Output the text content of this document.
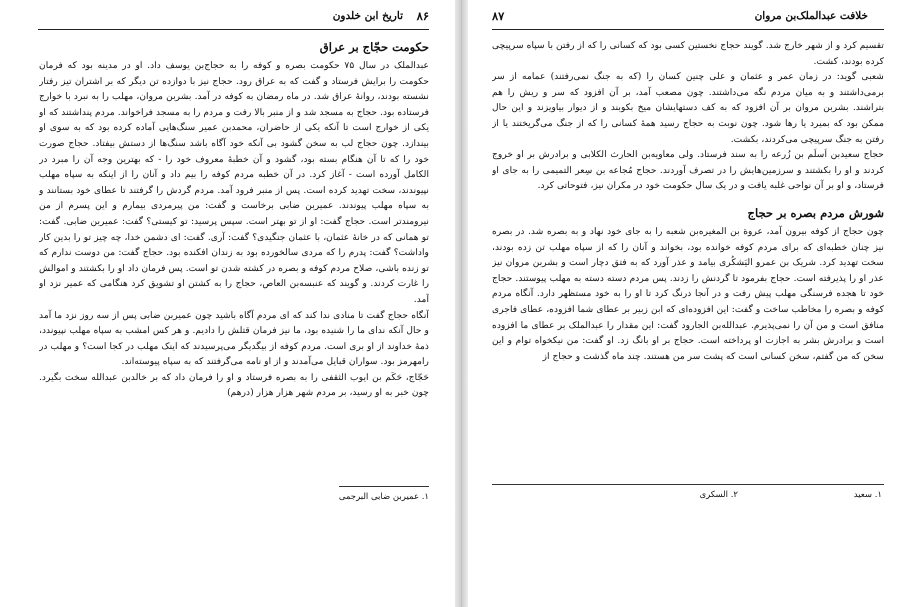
۸۶
تاریخ ابن خلدون
حکومت حجّاج بر عراق

عبدالملک در سال ۷۵ حکومت بصره و کوفه را به حجاج‌بن یوسف داد. او در مدینه بود که فرمان حکومت را برایش فرستاد و گفت که به عراق رود. حجاج نیز با دوازده تن دیگر که بر اشتران تیز رفتار نشسته بودند، روانهٔ عراق شد. در ماه رمضان به کوفه در آمد. بشربن مروان، مهلب را به نبرد با خوارج فرستاده بود. حجاج به مسجد شد و از منبر بالا رفت و مردم را به مسجد فراخواند. مردم پنداشتند که او یکی از خوارج است تا آنکه یکی از حاضران، محمدبن عمیر سنگ‌هایی آماده کرده بود که به سوی او بیندازد. چون حجاج لب به سخن گشود بی آنکه خود آگاه باشد سنگ‌ها از دستش بیفتاد. حجاج صورت خود را که تا آن هنگام بسته بود، گشود و آن خطبهٔ معروف خود را - که بهترین وجه آن را مبرد در الکامل آورده است - آغاز کرد. در آن خطبه مردم کوفه را بیم داد و آنان را از اینکه به سپاه مهلب نپیوندند، سخت تهدید کرده است. پس از منبر فرود آمد. مردم گردش را گرفتند تا عطای خود بستانند و به سپاه مهلب پیوندند. عمیربن ضابی برخاست و گفت: من پیرمردی بیمارم و این پسرم از من نیرومندتر است. حجاج گفت: او از تو بهتر است. سپس پرسید: تو کیستی؟ گفت: عمیربن ضابی. گفت: تو همانی که در خانهٔ عثمان، با عثمان جنگیدی؟ گفت: آری. گفت: ای دشمن خدا، چه چیز تو را بدین کار واداشت؟ گفت: پدرم را که مردی سالخورده بود به زندان افکنده بود. حجاج گفت: من دوست ندارم که تو زنده باشی، صلاح مردم کوفه و بصره در کشته شدن تو است. پس فرمان داد او را بکشتند و اموالش را غارت کردند. و گویند که عنبسه‌بن العاص، حجاج را به کشتن او تشویق کرد هنگامی که عمیر نزد او آمد.

آنگاه حجاج گفت تا منادی ندا کند که ای مردم آگاه باشید چون عمیربن ضابی پس از سه روز نزد ما آمد و حال آنکه ندای ما را شنیده بود، ما نیز فرمان قتلش را دادیم. و هر کس امشب به سپاه مهلب نپیوندد، ذمهٔ خداوند از او بری است. مردم کوفه از بیگدیگر می‌پرسیدند که اینک مهلب در کجا است؟ و مهلب در رامهرمز بود. سواران قبایل می‌آمدند و از او نامه می‌گرفتند که به سپاه پیوسته‌اند.

حَجّاج، حَکَم بن ایوب الثقفی را به بصره فرستاد و او را فرمان داد که بر خالدبن عبدالله سخت بگیرد. چون خبر به او رسید، بر مردم شهر هزار هزار (درهم)

۱. عمیربن ضابی البرجمی
خلافت عبدالملک‌بن مروان
۸۷

تقسیم کرد و از شهر خارج شد. گویند حجاج نخستین کسی بود که کسانی را که از رفتن با سپاه سرپیچی کرده بودند، کشت.

شعبی گوید: در زمان عمر و عثمان و علی چنین کسان را (که به جنگ نمی‌رفتند) عمامه از سر برمی‌داشتند و به میان مردم نگه می‌داشتند. چون مصعب آمد، بر آن افزود که سر و ریش را هم بتراشند. بشربن مروان بر آن افزود که به کف دستهایشان میخ بکوبند و از دیوار بیاویزند و این حال ممکن بود که بمیرد یا رها شود. چون نوبت به حجاج رسید همهٔ کسانی را که از جنگ می‌گریختند یا از رفتن به جنگ سرپیچی می‌کردند، بکشت.

حجاج سعیدبن اَسلَم بن زُرعه را به سند فرستاد. ولی معاویه‌بن الحارث الکلابی و برادرش بر او خروج کردند و او را بکشتند و سرزمین‌هایش را در تصرف آوردند. حجاج مُجاعه بن سِعر التمیمی را به جای او فرستاد، و او بر آن نواحی غلبه یافت و در یک سال حکومت خود در مکران نیز، فتوحاتی کرد.

شورش مردم بصره بر حجاج

چون حجاج از کوفه بیرون آمد، عروة بن المغیره‌بن شعبه را به جای خود نهاد و به بصره شد. در بصره نیز چنان خطبه‌ای که برای مردم کوفه خوانده بود، بخواند و آنان را که از سپاه مهلب تن زده بودند، سخت تهدید کرد. شریک بن عمرو الیَشکُری بیامد و عذر آورد که به فتق دچار است و بشربن مروان نیز عذر او را پذیرفته است. حجاج بفرمود تا گردنش را زدند. پس مردم دسته دسته به مهلب پیوستند. حجاج خود تا هجده فرسنگی مهلب پیش رفت و در آنجا درنگ کرد تا او را به خود مستظهر دارد. آنگاه مردم کوفه و بصره را مخاطب ساخت و گفت: این افزوده‌ای که ابن زبیر بر عطای شما افزوده، عطای فاجری منافق است و من آن را نمی‌پذیرم. عبدالله‌بن الجارود گفت: این مقدار را عبدالملک بر عطای ما افزوده است و برادرش بشر به اجازت او پرداخته است. حجاج بر او بانگ زد. او گفت: من نیکخواه توام و این سخن که من گفتم، سخن کسانی است که پشت سر من هستند. چند ماه گذشت و حجاج از

۱. سعید
۲. السکری
